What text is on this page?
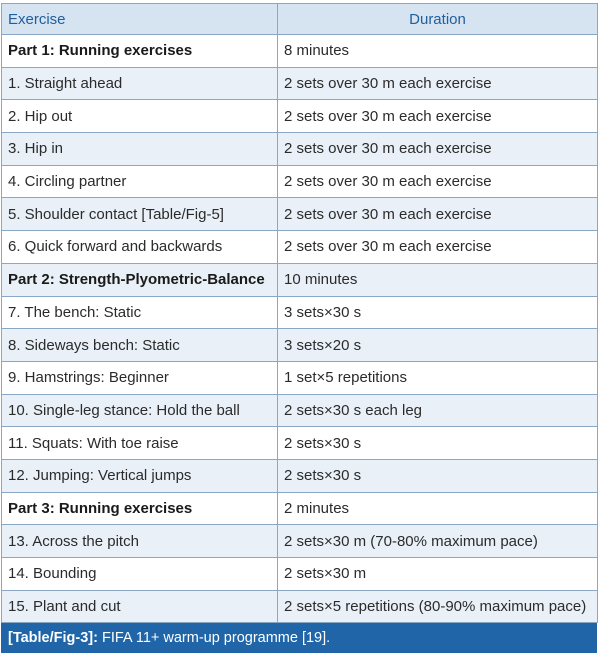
Exercise	Duration
Part 1: Running exercises	8 minutes
1. Straight ahead	2 sets over 30 m each exercise
2. Hip out	2 sets over 30 m each exercise
3. Hip in	2 sets over 30 m each exercise
4. Circling partner	2 sets over 30 m each exercise
5. Shoulder contact [Table/Fig-5]	2 sets over 30 m each exercise
6. Quick forward and backwards	2 sets over 30 m each exercise
Part 2: Strength-Plyometric-Balance	10 minutes
7. The bench: Static	3 sets×30 s
8. Sideways bench: Static	3 sets×20 s
9. Hamstrings: Beginner	1 set×5 repetitions
10. Single-leg stance: Hold the ball	2 sets×30 s each leg
11. Squats: With toe raise	2 sets×30 s
12. Jumping: Vertical jumps	2 sets×30 s
Part 3: Running exercises	2 minutes
13. Across the pitch	2 sets×30 m (70-80% maximum pace)
14. Bounding	2 sets×30 m
15. Plant and cut	2 sets×5 repetitions (80-90% maximum pace)
[Table/Fig-3]: FIFA 11+ warm-up programme [19].
